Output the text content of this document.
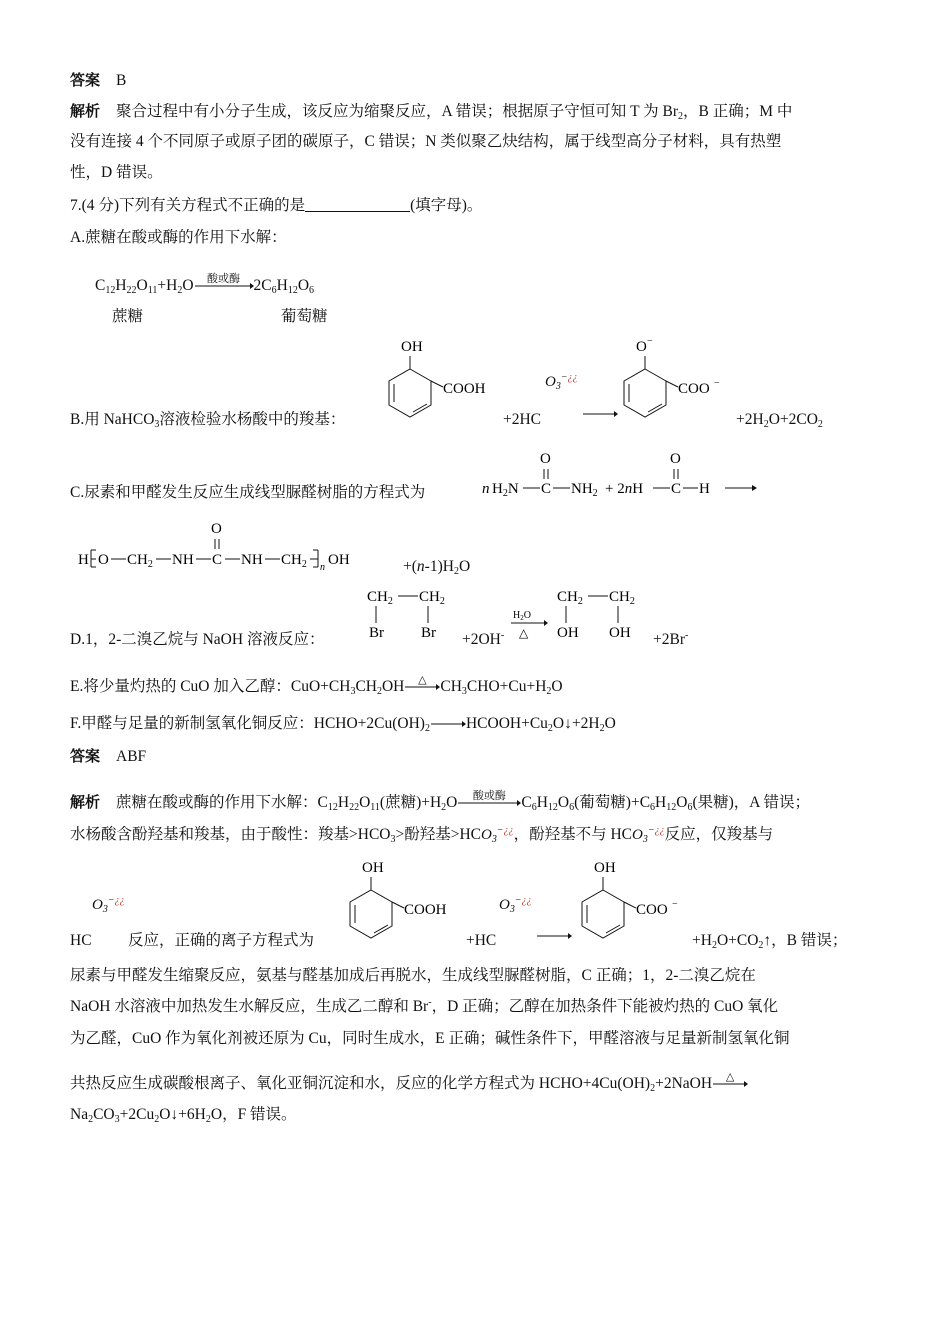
答案 B
解析 聚合过程中有小分子生成，该反应为缩聚反应，A 错误；根据原子守恒可知 T 为 $Br_2$，B 正确；M 中
没有连接 4 个不同原子或原子团的碳原子，C 错误；N 类似聚乙炔结构，属于线型高分子材料，具有热塑
性，D 错误。
7.(4 分)下列有关方程式不正确的是	(填字母)。
A.蔗糖在酸或酶的作用下水解：
$C_{12}H_{22}O_{11}+H_2O$	酸或酶 $2C_6H_{12}O_6$
蔗糖	葡萄糖
B.用 NaHCO$_3$溶液检验水杨酸中的羧基：
OH
COOH	$O_3^{-¿¿}$
+2HC
O −
COO −
$+2H_2O+2CO_2$
C.尿素和甲醛发生反应生成线型脲醛树脂的方程式为	n $H_2N$ C
O
$NH_2 + 2nH$ C
O
H
H O $CH_2$ NH C
O
NH $CH_2$ n OH	$+(n-1)H_2O$
D.1，2-二溴乙烷与 NaOH 溶液反应：
$CH_2$ $CH_2$
Br Br +2OH-
$H_2O$
△
$CH_2$ $CH_2$
OH OH +2Br-
E.将少量灼热的 CuO 加入乙醇：$CuO+CH_3CH_2OH$	△ $CH_3CHO+Cu+H_2O$
F.甲醛与足量的新制氢氧化铜反应：$HCHO+2Cu(OH)_2$ $HCOOH+Cu_2O↓+2H_2O$
答案 ABF
解析 蔗糖在酸或酶的作用下水解：$C_{12}H_{22}O_{11}$(蔗糖)$+H_2O$	酸或酶	$C_6H_{12}O_6$(葡萄糖)$+C_6H_{12}O_6$(果糖)，A 错误；
水杨酸含酚羟基和羧基，由于酸性：羧基$>HCO_3>$酚羟基$>HCO_3^{-¿¿}$，酚羟基不与 $HCO_3^{-¿¿}$反应，仅羧基与
$O_3^{-¿¿}$
HC 反应，正确的离子方程式为
OH
COOH	$O_3^{-¿¿}$
+HC
OH
COO −
$+H_2O+CO_2↑$，B 错误；
尿素与甲醛发生缩聚反应，氨基与醛基加成后再脱水，生成线型脲醛树脂，C 正确；1，2-二溴乙烷在
NaOH 水溶液中加热发生水解反应，生成乙二醇和 Br-，D 正确；乙醇在加热条件下能被灼热的 CuO 氧化
为乙醛，CuO 作为氧化剂被还原为 Cu，同时生成水，E 正确；碱性条件下，甲醛溶液与足量新制氢氧化铜
共热反应生成碳酸根离子、氧化亚铜沉淀和水，反应的化学方程式为 $HCHO+4Cu(OH)_2+2NaOH$	△
$Na_2CO_3+2Cu_2O↓+6H_2O$，F 错误。
